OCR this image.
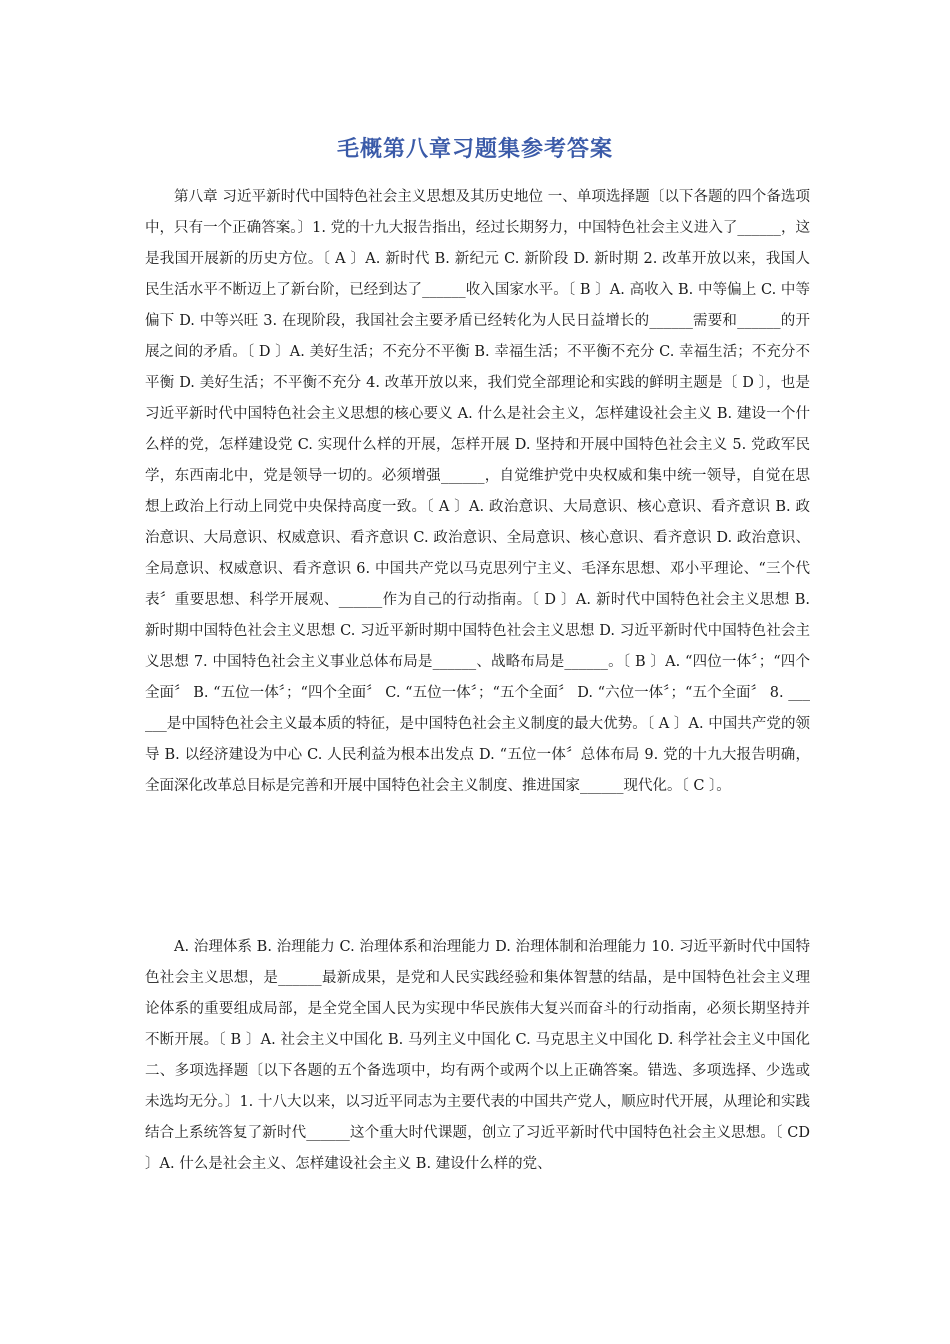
毛概第八章习题集参考答案

第八章 习近平新时代中国特色社会主义思想及其历史地位 一、单项选择题〔以下各题的四个备选项中，只有一个正确答案。〕1. 党的十九大报告指出，经过长期努力，中国特色社会主义进入了______，这是我国开展新的历史方位。〔 A 〕A. 新时代 B. 新纪元 C. 新阶段 D. 新时期 2. 改革开放以来，我国人民生活水平不断迈上了新台阶，已经到达了______收入国家水平。〔 B 〕A. 高收入 B. 中等偏上 C. 中等偏下 D. 中等兴旺 3. 在现阶段，我国社会主要矛盾已经转化为人民日益增长的______需要和______的开展之间的矛盾。〔 D 〕A. 美好生活；不充分不平衡 B. 幸福生活；不平衡不充分 C. 幸福生活；不充分不平衡 D. 美好生活；不平衡不充分 4. 改革开放以来，我们党全部理论和实践的鲜明主题是〔 D 〕，也是习近平新时代中国特色社会主义思想的核心要义 A. 什么是社会主义，怎样建设社会主义 B. 建设一个什么样的党，怎样建设党 C. 实现什么样的开展，怎样开展 D. 坚持和开展中国特色社会主义 5. 党政军民学，东西南北中，党是领导一切的。必须增强______，自觉维护党中央权威和集中统一领导，自觉在思想上政治上行动上同党中央保持高度一致。〔 A 〕A. 政治意识、大局意识、核心意识、看齐意识 B. 政治意识、大局意识、权威意识、看齐意识 C. 政治意识、全局意识、核心意识、看齐意识 D. 政治意识、全局意识、权威意识、看齐意识 6. 中国共产党以马克思列宁主义、毛泽东思想、邓小平理论、“三个代表〞重要思想、科学开展观、______作为自己的行动指南。〔 D 〕A. 新时代中国特色社会主义思想 B. 新时期中国特色社会主义思想 C. 习近平新时期中国特色社会主义思想 D. 习近平新时代中国特色社会主义思想 7. 中国特色社会主义事业总体布局是______、战略布局是______。〔 B 〕A. “四位一体〞；“四个全面〞 B. “五位一体〞；“四个全面〞 C. “五位一体〞；“五个全面〞 D. “六位一体〞；“五个全面〞 8. ______是中国特色社会主义最本质的特征，是中国特色社会主义制度的最大优势。〔 A 〕A. 中国共产党的领导 B. 以经济建设为中心 C. 人民利益为根本出发点 D. “五位一体〞总体布局 9. 党的十九大报告明确，全面深化改革总目标是完善和开展中国特色社会主义制度、推进国家______现代化。〔 C 〕。

A. 治理体系 B. 治理能力 C. 治理体系和治理能力 D. 治理体制和治理能力 10. 习近平新时代中国特色社会主义思想，是______最新成果，是党和人民实践经验和集体智慧的结晶，是中国特色社会主义理论体系的重要组成局部，是全党全国人民为实现中华民族伟大复兴而奋斗的行动指南，必须长期坚持并不断开展。〔 B 〕A. 社会主义中国化 B. 马列主义中国化 C. 马克思主义中国化 D. 科学社会主义中国化 二、多项选择题〔以下各题的五个备选项中，均有两个或两个以上正确答案。错选、多项选择、少选或未选均无分。〕1. 十八大以来，以习近平同志为主要代表的中国共产党人，顺应时代开展，从理论和实践结合上系统答复了新时代______这个重大时代课题，创立了习近平新时代中国特色社会主义思想。〔 CD 〕A. 什么是社会主义、怎样建设社会主义 B. 建设什么样的党、
